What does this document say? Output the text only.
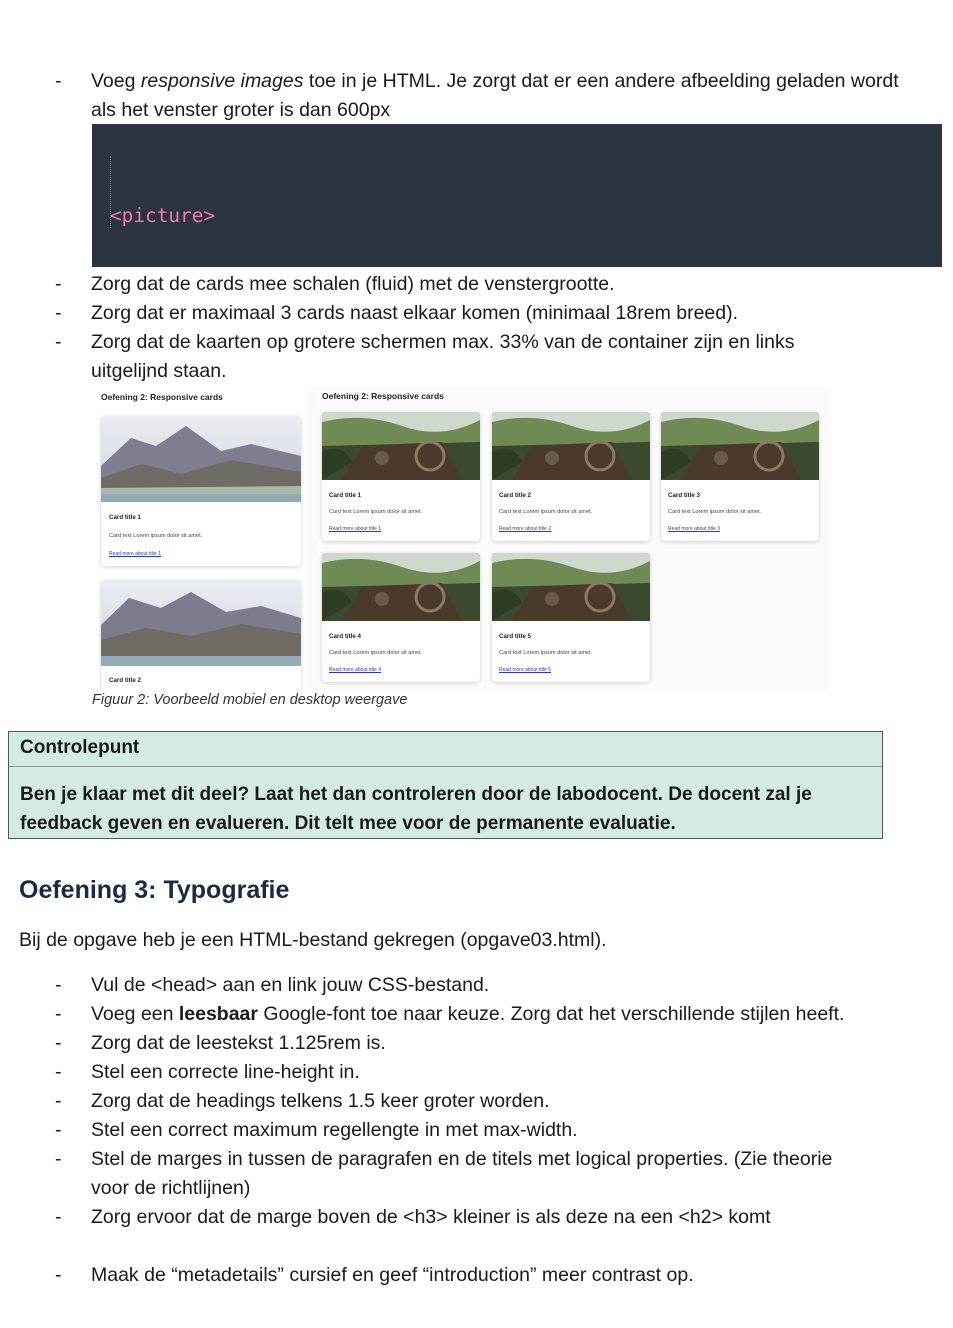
-	Voeg responsive images toe in je HTML. Je zorgt dat er een andere afbeelding geladen wordt als het venster groter is dan 600px

<picture>

-	Zorg dat de cards mee schalen (fluid) met de venstergrootte.
-	Zorg dat er maximaal 3 cards naast elkaar komen (minimaal 18rem breed).
-	Zorg dat de kaarten op grotere schermen max. 33% van de container zijn en links uitgelijnd staan.
Oefening 2: Responsive cards
Card title 1
Card text Lorem ipsum dolor sit amet.
Read more about title 1
Card title 2
Oefening 2: Responsive cards
Card title 1
Card text Lorem ipsum dolor sit amet.
Read more about title 1
Card title 2
Card text Lorem ipsum dolor sit amet.
Read more about title 2
Card title 3
Card text Lorem ipsum dolor sit amet.
Read more about title 3
Card title 4
Card text Lorem ipsum dolor sit amet.
Read more about title 4
Card title 5
Card text Lorem ipsum dolor sit amet.
Read more about title 5
Figuur 2: Voorbeeld mobiel en desktop weergave
Controlepunt
Ben je klaar met dit deel? Laat het dan controleren door de labodocent. De docent zal je feedback geven en evalueren. Dit telt mee voor de permanente evaluatie.
Oefening 3: Typografie
Bij de opgave heb je een HTML-bestand gekregen (opgave03.html).
-	Vul de <head> aan en link jouw CSS-bestand.
-	Voeg een leesbaar Google-font toe naar keuze. Zorg dat het verschillende stijlen heeft.
-	Zorg dat de leestekst 1.125rem is.
-	Stel een correcte line-height in.
-	Zorg dat de headings telkens 1.5 keer groter worden.
-	Stel een correct maximum regellengte in met max-width.
-	Stel de marges in tussen de paragrafen en de titels met logical properties. (Zie theorie voor de richtlijnen)
-	Zorg ervoor dat de marge boven de <h3> kleiner is als deze na een <h2> komt
-	Maak de “metadetails” cursief en geef “introduction” meer contrast op.
